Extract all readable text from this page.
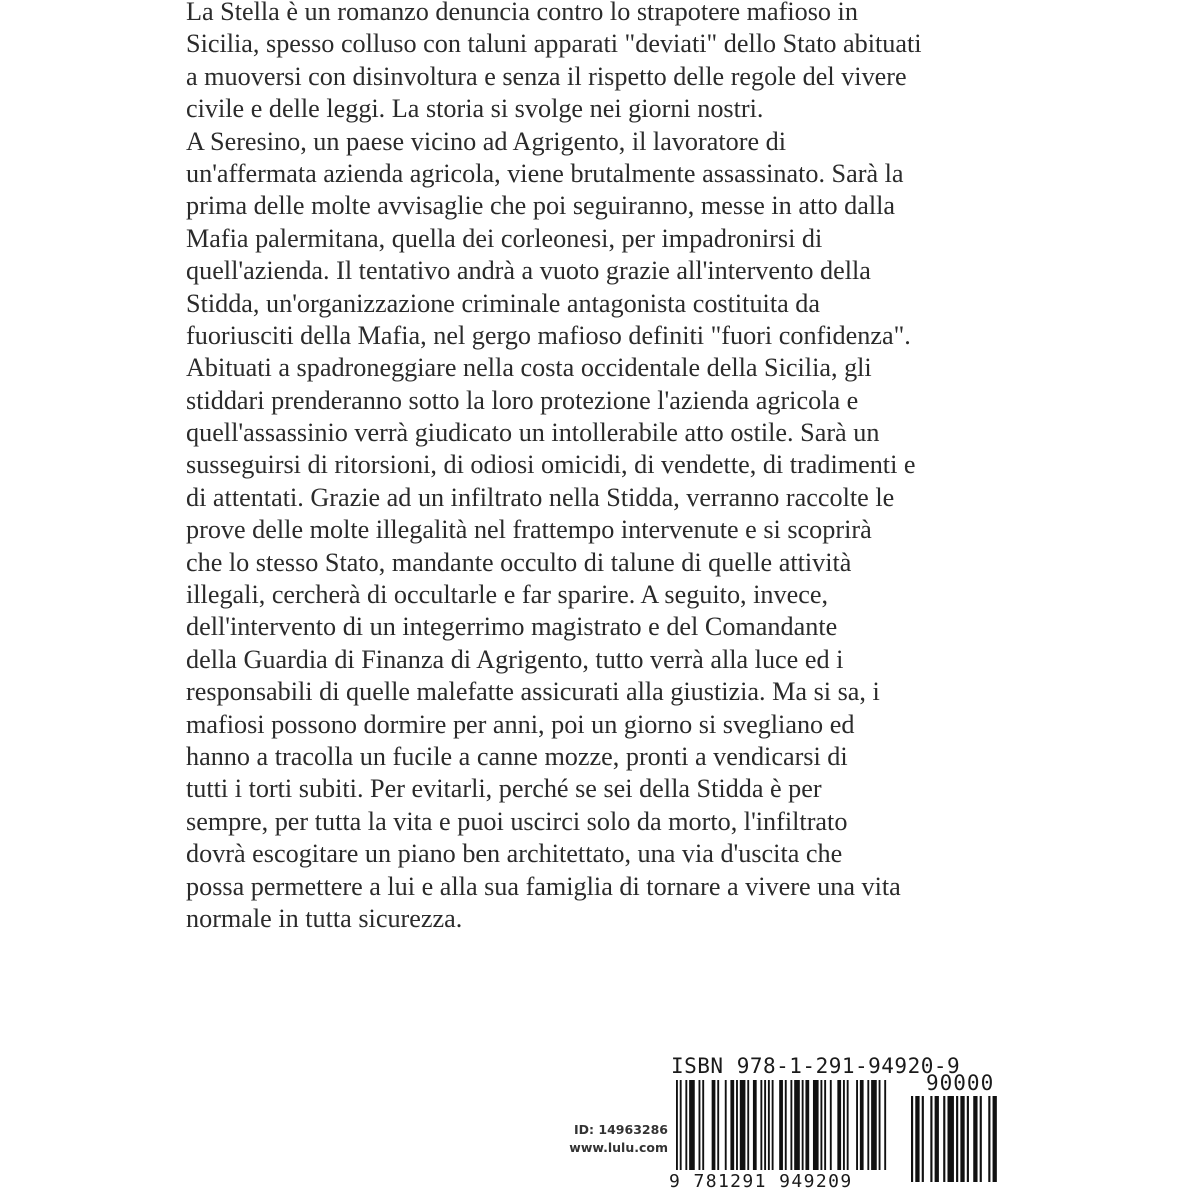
La Stella è un romanzo denuncia contro lo strapotere mafioso in
Sicilia, spesso colluso con taluni apparati "deviati" dello Stato abituati
a muoversi con disinvoltura e senza il rispetto delle regole del vivere
civile e delle leggi. La storia si svolge nei giorni nostri.
A Seresino, un paese vicino ad Agrigento, il lavoratore di
un'affermata azienda agricola, viene brutalmente assassinato. Sarà la
prima delle molte avvisaglie che poi seguiranno, messe in atto dalla
Mafia palermitana, quella dei corleonesi, per impadronirsi di
quell'azienda. Il tentativo andrà a vuoto grazie all'intervento della
Stidda, un'organizzazione criminale antagonista costituita da
fuoriusciti della Mafia, nel gergo mafioso definiti "fuori confidenza".
Abituati a spadroneggiare nella costa occidentale della Sicilia, gli
stiddari prenderanno sotto la loro protezione l'azienda agricola e
quell'assassinio verrà giudicato un intollerabile atto ostile. Sarà un
susseguirsi di ritorsioni, di odiosi omicidi, di vendette, di tradimenti e
di attentati. Grazie ad un infiltrato nella Stidda, verranno raccolte le
prove delle molte illegalità nel frattempo intervenute e si scoprirà
che lo stesso Stato, mandante occulto di talune di quelle attività
illegali, cercherà di occultarle e far sparire. A seguito, invece,
dell'intervento di un integerrimo magistrato e del Comandante
della Guardia di Finanza di Agrigento, tutto verrà alla luce ed i
responsabili di quelle malefatte assicurati alla giustizia. Ma si sa, i
mafiosi possono dormire per anni, poi un giorno si svegliano ed
hanno a tracolla un fucile a canne mozze, pronti a vendicarsi di
tutti i torti subiti. Per evitarli, perché se sei della Stidda è per
sempre, per tutta la vita e puoi uscirci solo da morto, l'infiltrato
dovrà escogitare un piano ben architettato, una via d'uscita che
possa permettere a lui e alla sua famiglia di tornare a vivere una vita
normale in tutta sicurezza.
ID: 14963286
www.lulu.com
ISBN 978-1-291-94920-9
90000
9 781291 949209
